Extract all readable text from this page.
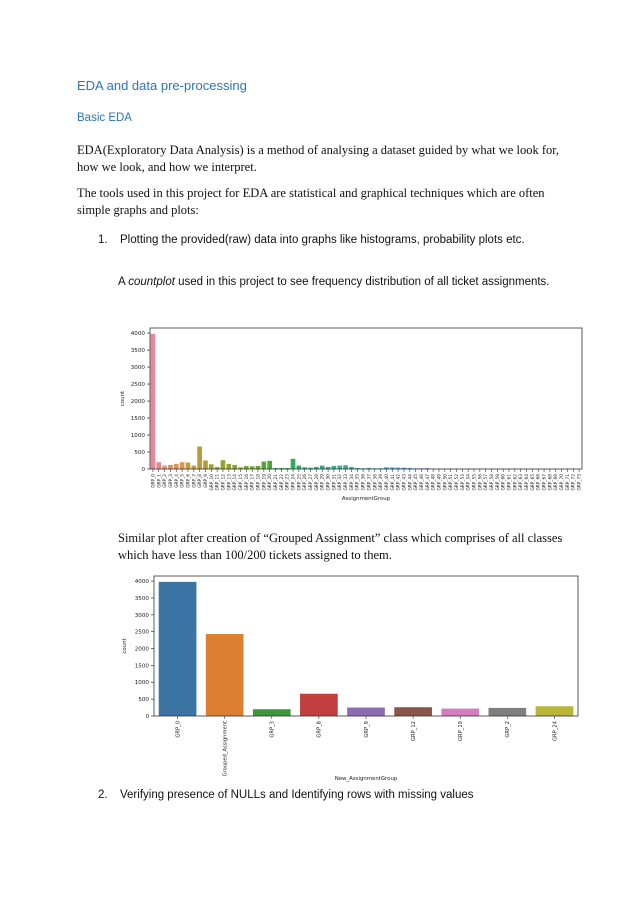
EDA and data pre-processing
Basic EDA
EDA(Exploratory Data Analysis) is a method of analysing a dataset guided by what we look for, how we look, and how we interpret.
The tools used in this project for EDA are statistical and graphical techniques which are often simple graphs and plots:
1. Plotting the provided(raw) data into graphs like histograms, probability plots etc.
A countplot used in this project to see frequency distribution of all ticket assignments.
0
500
1000
1500
2000
2500
3000
3500
4000
GRP_0 GRP_1 GRP_2 GRP_3 GRP_4 GRP_5 GRP_6 GRP_7 GRP_8 GRP_9 GRP_10 GRP_11 GRP_12 GRP_13 GRP_14 GRP_15 GRP_16 GRP_17 GRP_18 GRP_19 GRP_20 GRP_21 GRP_22 GRP_23 GRP_24 GRP_25 GRP_26 GRP_27 GRP_28 GRP_29 GRP_30 GRP_31 GRP_32 GRP_33 GRP_34 GRP_35 GRP_36 GRP_37 GRP_38 GRP_39 GRP_40 GRP_41 GRP_42 GRP_43 GRP_44 GRP_45 GRP_46 GRP_47 GRP_48 GRP_49 GRP_50 GRP_51 GRP_52 GRP_53 GRP_54 GRP_55 GRP_56 GRP_57 GRP_58 GRP_59 GRP_60 GRP_61 GRP_62 GRP_63 GRP_64 GRP_65 GRP_66 GRP_67 GRP_68 GRP_69 GRP_70 GRP_71 GRP_72 GRP_73
count
AssignmentGroup
Similar plot after creation of “Grouped Assignment” class which comprises of all classes which have less than 100/200 tickets assigned to them.
0
500
1000
1500
2000
2500
3000
3500
4000
GRP_0	Grouped_Assignment	GRP_3	GRP_8	GRP_9	GRP_12	GRP_19	GRP_2	GRP_24
count
New_AssignmentGroup
2. Verifying presence of NULLs and Identifying rows with missing values
